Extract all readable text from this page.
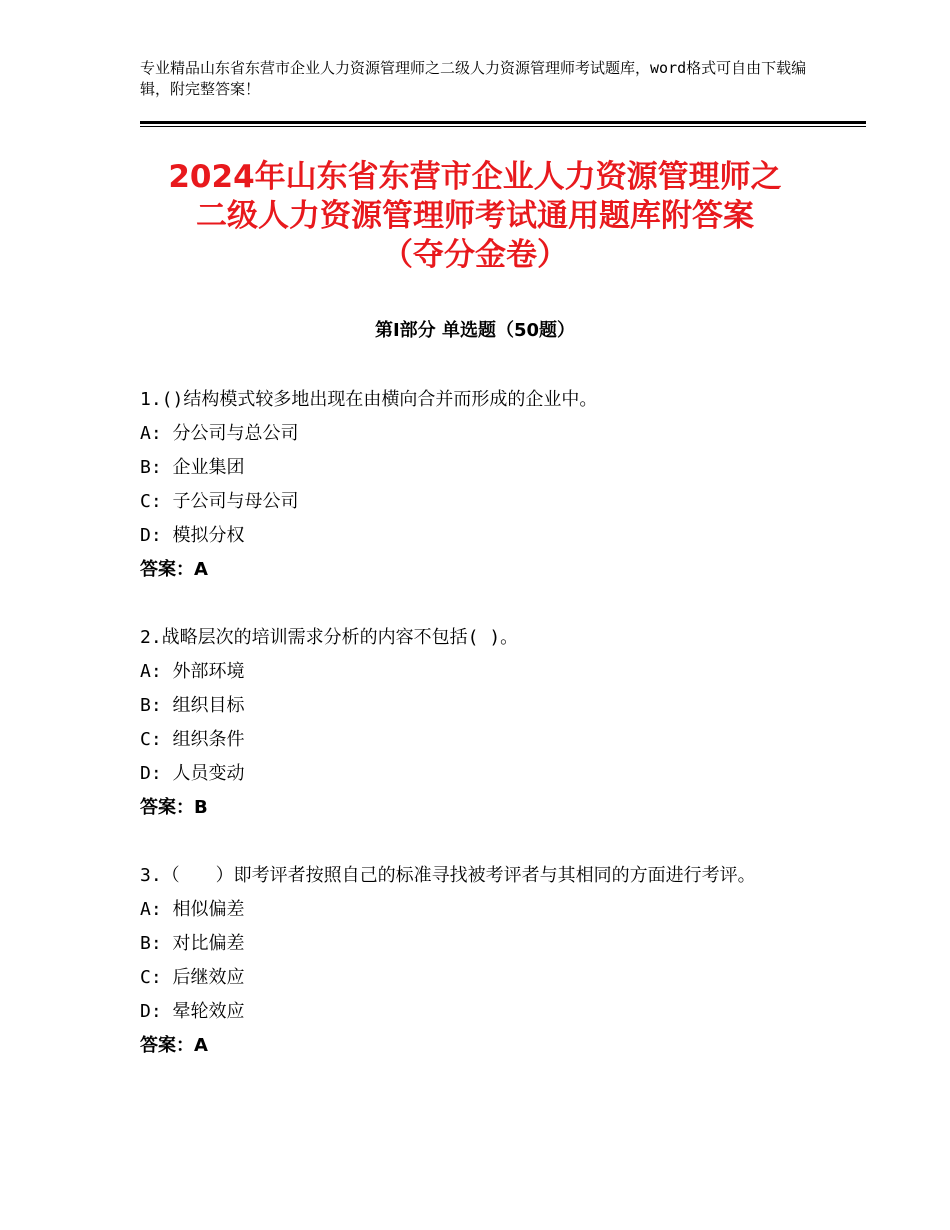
专业精品山东省东营市企业人力资源管理师之二级人力资源管理师考试题库，word格式可自由下载编辑，附完整答案！
2024年山东省东营市企业人力资源管理师之
二级人力资源管理师考试通用题库附答案
（夺分金卷）
第Ⅰ部分 单选题（50题）
1.()结构模式较多地出现在由横向合并而形成的企业中。
A: 分公司与总公司
B: 企业集团
C: 子公司与母公司
D: 模拟分权
答案：A
2.战略层次的培训需求分析的内容不包括( )。
A: 外部环境
B: 组织目标
C: 组织条件
D: 人员变动
答案：B
3.（　　）即考评者按照自己的标准寻找被考评者与其相同的方面进行考评。
A: 相似偏差
B: 对比偏差
C: 后继效应
D: 晕轮效应
答案：A
